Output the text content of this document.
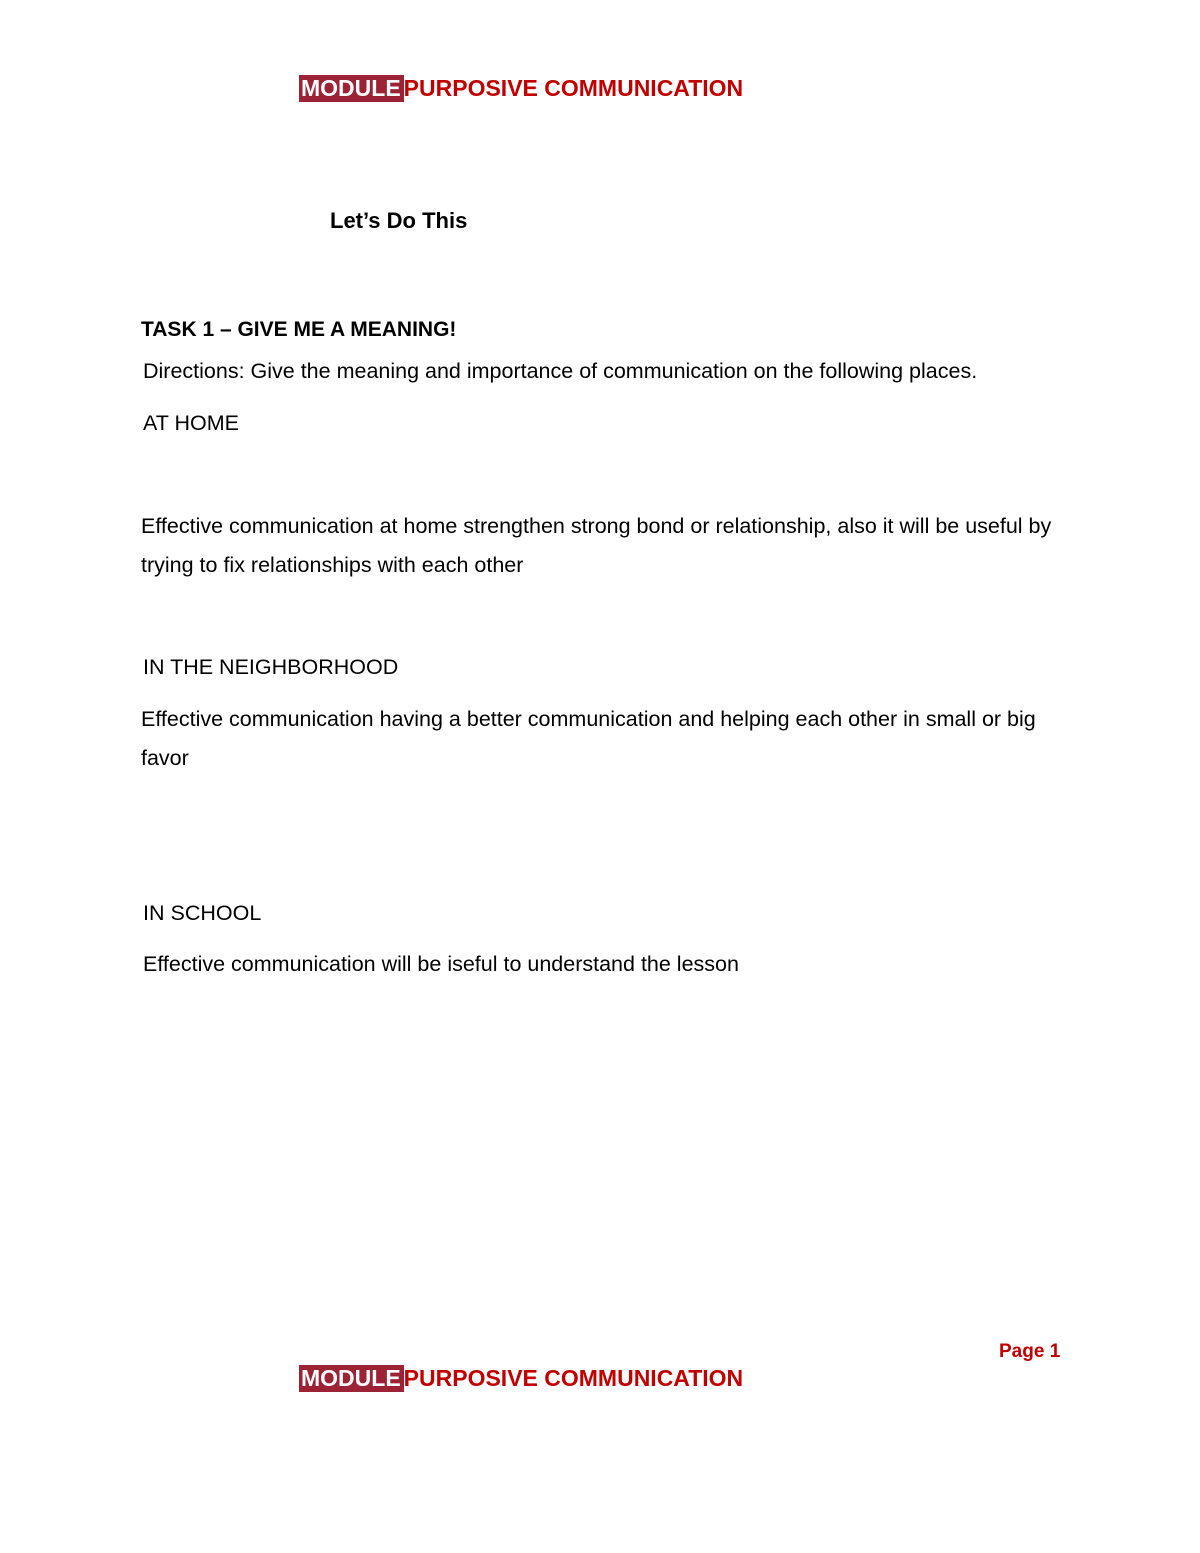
MODULE PURPOSIVE COMMUNICATION
Let’s Do This
TASK 1 – GIVE ME A MEANING!
Directions: Give the meaning and importance of communication on the following places.
AT HOME
Effective communication at home strengthen strong bond or relationship, also it will be useful by trying to fix relationships with each other
IN THE NEIGHBORHOOD
Effective communication having a better communication and helping each other in small or big favor
IN SCHOOL
Effective communication will be iseful to understand the lesson
Page 1
MODULE PURPOSIVE COMMUNICATION
